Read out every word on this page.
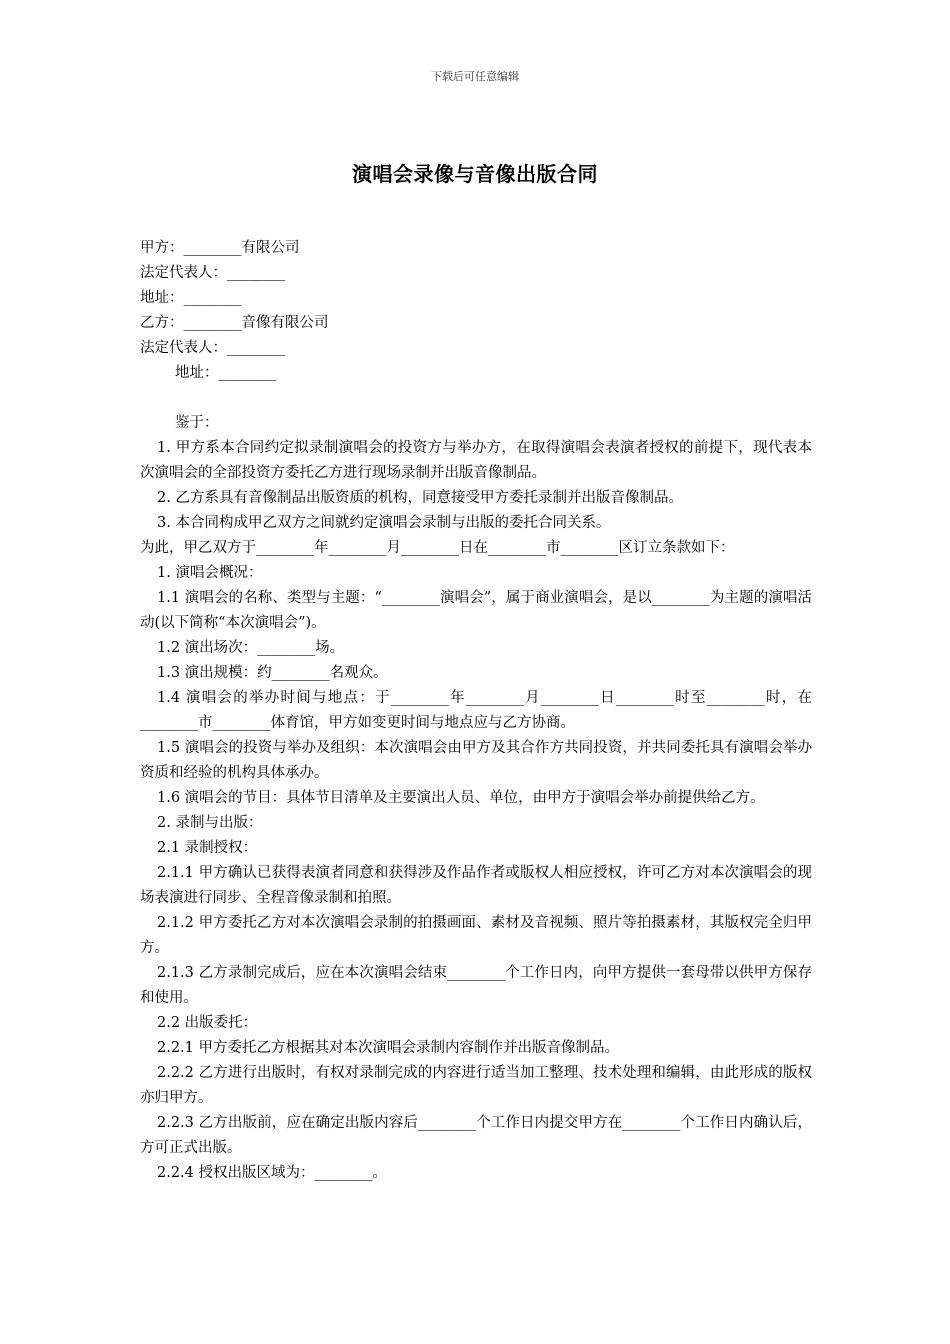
下载后可任意编辑
演唱会录像与音像出版合同

甲方：________有限公司

法定代表人：________

地址：________

乙方：________音像有限公司

法定代表人：________

地址：________

鉴于：

1. 甲方系本合同约定拟录制演唱会的投资方与举办方，在取得演唱会表演者授权的前提下，现代表本次演唱会的全部投资方委托乙方进行现场录制并出版音像制品。

2. 乙方系具有音像制品出版资质的机构，同意接受甲方委托录制并出版音像制品。

3. 本合同构成甲乙双方之间就约定演唱会录制与出版的委托合同关系。

为此，甲乙双方于________年________月________日在________市________区订立条款如下：

1. 演唱会概况：

1.1 演唱会的名称、类型与主题：“________演唱会”，属于商业演唱会，是以________为主题的演唱活动(以下简称“本次演唱会”)。

1.2 演出场次：________场。

1.3 演出规模：约________名观众。

1.4 演唱会的举办时间与地点：于________年________月________日________时至________时，在________市________体育馆，甲方如变更时间与地点应与乙方协商。

1.5 演唱会的投资与举办及组织：本次演唱会由甲方及其合作方共同投资，并共同委托具有演唱会举办资质和经验的机构具体承办。

1.6 演唱会的节目：具体节目清单及主要演出人员、单位，由甲方于演唱会举办前提供给乙方。

2. 录制与出版：

2.1 录制授权：

2.1.1 甲方确认已获得表演者同意和获得涉及作品作者或版权人相应授权，许可乙方对本次演唱会的现场表演进行同步、全程音像录制和拍照。

2.1.2 甲方委托乙方对本次演唱会录制的拍摄画面、素材及音视频、照片等拍摄素材，其版权完全归甲方。

2.1.3 乙方录制完成后，应在本次演唱会结束________个工作日内，向甲方提供一套母带以供甲方保存和使用。

2.2 出版委托：

2.2.1 甲方委托乙方根据其对本次演唱会录制内容制作并出版音像制品。

2.2.2 乙方进行出版时，有权对录制完成的内容进行适当加工整理、技术处理和编辑，由此形成的版权亦归甲方。

2.2.3 乙方出版前，应在确定出版内容后________个工作日内提交甲方在________个工作日内确认后，方可正式出版。

2.2.4 授权出版区域为：________。
